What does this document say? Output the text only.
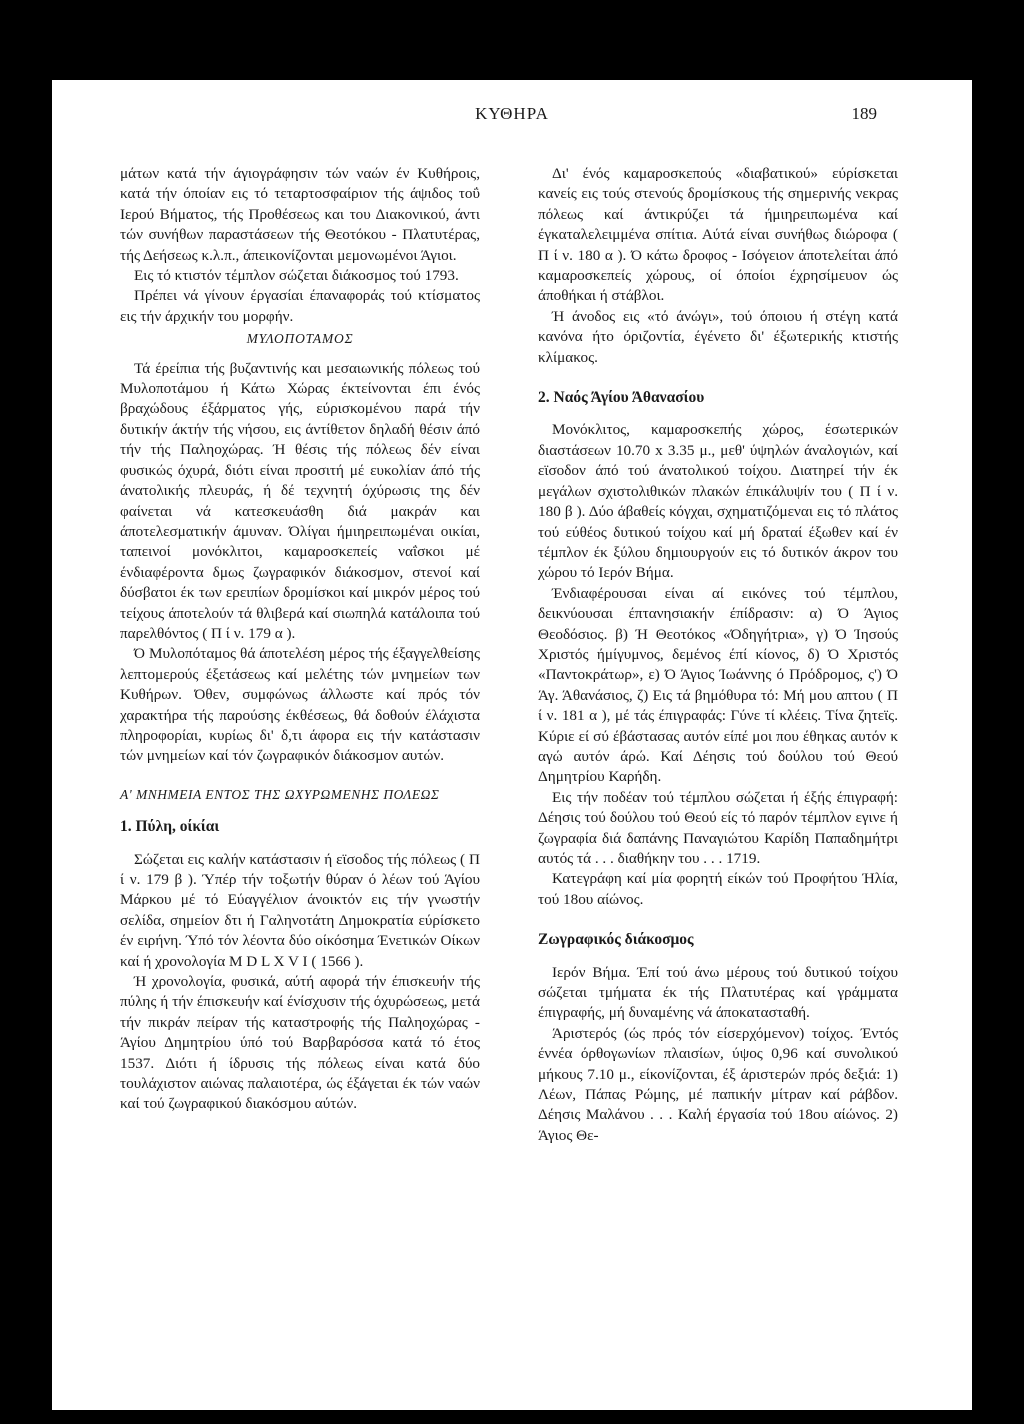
ΚΥΘΗΡΑ	189

μάτων κατά τήν άγιογράφησιν τών ναών έν Κυθήροις, κατά τήν όποίαν εις τό τεταρτοσφαίριον τής άψιδος τοΰ Ιερού Βήματος, τής Προθέσεως και του Διακονικού, άντι τών συνήθων παραστάσεων τής Θεοτόκου - Πλατυτέρας, τής Δεήσεως κ.λ.π., άπεικονίζονται μεμονωμένοι Άγιοι.

Εις τό κτιστόν τέμπλον σώζεται διάκοσμος τού 1793.

Πρέπει νά γίνουν έργασίαι έπαναφοράς τού κτίσματος εις τήν άρχικήν του μορφήν.

ΜΥΛΟΠΟΤΑΜΟΣ

Τά έρείπια τής βυζαντινής και μεσαιωνικής πόλεως τού Μυλοποτάμου ή Κάτω Χώρας έκτείνονται έπι ένός βραχώδους έξάρματος γής, εύρισκομένου παρά τήν δυτικήν άκτήν τής νήσου, εις άντίθετον δηλαδή θέσιν άπό τήν τής Παληοχώρας. Ή θέσις τής πόλεως δέν είναι φυσικώς όχυρά, διότι είναι προσιτή μέ ευκολίαν άπό τής άνατολικής πλευράς, ή δέ τεχνητή όχύρωσις της δέν φαίνεται νά κατεσκευάσθη διά μακράν και άποτελεσματικήν άμυναν. Όλίγαι ήμιηρειπωμέναι οικίαι, ταπεινοί μονόκλιτοι, καμαροσκεπείς ναΐσκοι μέ ένδιαφέροντα δμως ζωγραφικόν διάκοσμον, στενοί καί δύσβατοι έκ των ερειπίων δρομίσκοι καί μικρόν μέρος τού τείχους άποτελούν τά θλιβερά καί σιωπηλά κατάλοιπα τού παρελθόντος ( Π ί ν. 179 α ).

Ό Μυλοπόταμος θά άποτελέση μέρος τής έξαγγελθείσης λεπτομερούς έξετάσεως καί μελέτης τών μνημείων των Κυθήρων. Όθεν, συμφώνως άλλωστε καί πρός τόν χαρακτήρα τής παρούσης έκθέσεως, θά δοθούν έλάχιστα πληροφορίαι, κυρίως δι' δ,τι άφορα εις τήν κατάστασιν τών μνημείων καί τόν ζωγραφικόν διάκοσμον αυτών.

Α' ΜΝΗΜΕΙΑ ΕΝΤΟΣ ΤΗΣ ΩΧΥΡΩΜΕΝΗΣ ΠΟΛΕΩΣ
1. Πύλη, οίκίαι

Σώζεται εις καλήν κατάστασιν ή εϊσοδος τής πόλεως ( Π ί ν. 179 β ). Ύπέρ τήν τοξωτήν θύραν ό λέων τού Άγίου Μάρκου μέ τό Εύαγγέλιον άνοικτόν εις τήν γνωστήν σελίδα, σημείον δτι ή Γαληνοτάτη Δημοκρατία εύρίσκετο έν ειρήνη. Ύπό τόν λέοντα δύο οίκόσημα Ένετικών Οίκων καί ή χρονολογία M D L X V I ( 1566 ).

Ή χρονολογία, φυσικά, αύτή αφορά τήν έπισκευήν τής πύλης ή τήν έπισκευήν καί ένίσχυσιν τής όχυρώσεως, μετά τήν πικράν πείραν τής καταστροφής τής Παληοχώρας - Άγίου Δημητρίου ύπό τού Βαρβαρόσσα κατά τό έτος 1537. Διότι ή ίδρυσις τής πόλεως είναι κατά δύο τουλάχιστον αιώνας παλαιοτέρα, ώς έξάγεται έκ τών ναών καί τού ζωγραφικού διακόσμου αύτών.

Δι' ένός καμαροσκεπούς «διαβατικού» εύρίσκεται κανείς εις τούς στενούς δρομίσκους τής σημερινής νεκρας πόλεως καί άντικρύζει τά ήμιηρειπωμένα καί έγκαταλελειμμένα σπίτια. Αύτά είναι συνήθως διώροφα ( Π ί ν. 180 α ). Ό κάτω δροφος - Ισόγειον άποτελείται άπό καμαροσκεπείς χώρους, οί όποίοι έχρησίμευον ώς άποθήκαι ή στάβλοι.

Ή άνοδος εις «τό άνώγι», τού όποιου ή στέγη κατά κανόνα ήτο όριζοντία, έγένετο δι' έξωτερικής κτιστής κλίμακος.

2. Ναός Άγίου Άθανασίου

Μονόκλιτος, καμαροσκεπής χώρος, έσωτερικών διαστάσεων 10.70 x 3.35 μ., μεθ' ύψηλών άναλογιών, καί εϊσοδον άπό τού άνατολικού τοίχου. Διατηρεί τήν έκ μεγάλων σχιστολιθικών πλακών έπικάλυψίν του ( Π ί ν. 180 β ). Δύο άβαθείς κόγχαι, σχηματιζόμεναι εις τό πλάτος τού εύθέος δυτικού τοίχου καί μή δραταί έξωθεν καί έν τέμπλον έκ ξύλου δημιουργούν εις τό δυτικόν άκρον του χώρου τό Ιερόν Βήμα.

Ένδιαφέρουσαι είναι αί εικόνες τού τέμπλου, δεικνύουσαι έπτανησιακήν έπίδρασιν: α) Ό Άγιος Θεοδόσιος. β) Ή Θεοτόκος «Όδηγήτρια», γ) Ό Ίησούς Χριστός ήμίγυμνος, δεμένος έπί κίονος, δ) Ό Χριστός «Παντοκράτωρ», ε) Ό Άγιος Ίωάννης ό Πρόδρομος, ς') Ό Άγ. Άθανάσιος, ζ) Εις τά βημόθυρα τό: Μή μου απτου ( Π ί ν. 181 α ), μέ τάς έπιγραφάς: Γύνε τί κλέεις. Τίνα ζητεϊς. Κύριε εί σύ έβάστασας αυτόν είπέ μοι που έθηκας αυτόν κ αγώ αυτόν άρώ. Καί Δέησις τού δούλου τού Θεού Δημητρίου Καρήδη.

Εις τήν ποδέαν τού τέμπλου σώζεται ή έξής έπιγραφή: Δέησις τού δούλου τού Θεού είς τό παρόν τέμπλον εγινε ή ζωγραφία διά δαπάνης Παναγιώτου Καρίδη Παπαδημήτρι αυτός τά . . . διαθήκην του . . . 1719.

Κατεγράφη καί μία φορητή είκών τού Προφήτου Ήλία, τού 18ου αίώνος.

Ζωγραφικός διάκοσμος

Ιερόν Βήμα. Έπί τού άνω μέρους τού δυτικού τοίχου σώζεται τμήματα έκ τής Πλατυτέρας καί γράμματα έπιγραφής, μή δυναμένης νά άποκατασταθή.

Άριστερός (ώς πρός τόν είσερχόμενον) τοίχος. Έντός έννέα όρθογωνίων πλαισίων, ύψος 0,96 καί συνολικού μήκους 7.10 μ., είκονίζονται, έξ άριστερών πρός δεξιά: 1) Λέων, Πάπας Ρώμης, μέ παπικήν μίτραν καί ράβδον. Δέησις Μαλάνου . . . Καλή έργασία τού 18ου αίώνος. 2) Άγιος Θε-
